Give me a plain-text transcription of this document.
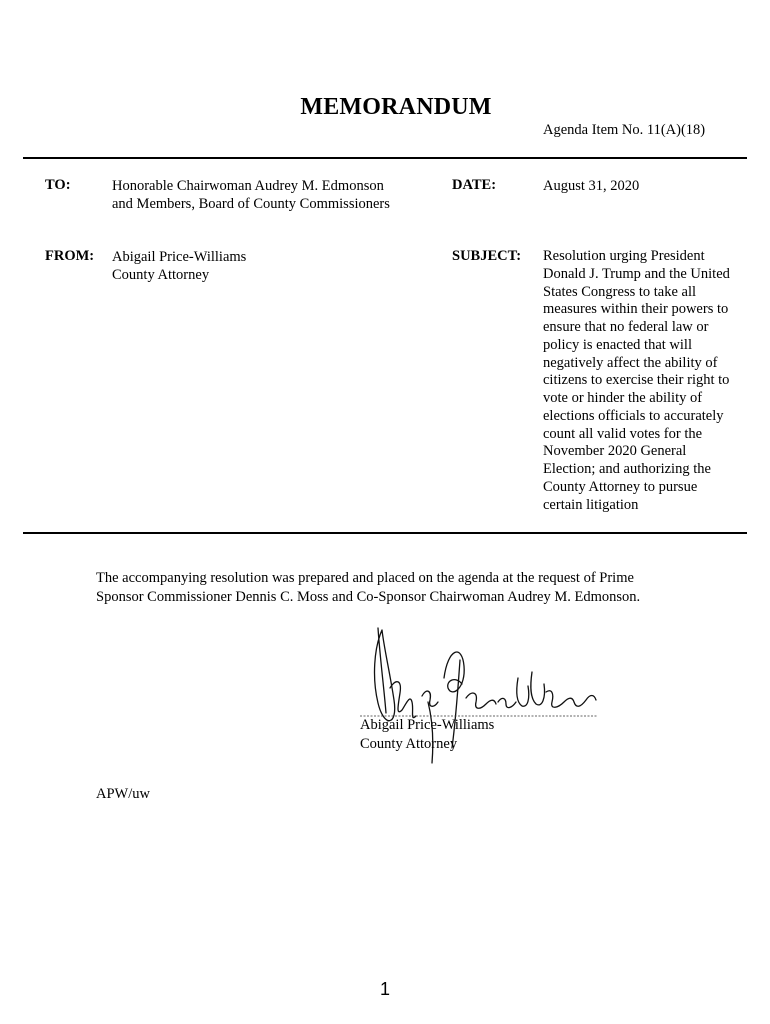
MEMORANDUM
Agenda Item No. 11(A)(18)
TO:	Honorable Chairwoman Audrey M. Edmonson
and Members, Board of County Commissioners
DATE:	August 31, 2020
FROM: Abigail Price-Williams
County Attorney
SUBJECT: Resolution urging President
Donald J. Trump and the United
States Congress to take all
measures within their powers to
ensure that no federal law or
policy is enacted that will
negatively affect the ability of
citizens to exercise their right to
vote or hinder the ability of
elections officials to accurately
count all valid votes for the
November 2020 General
Election; and authorizing the
County Attorney to pursue
certain litigation
The accompanying resolution was prepared and placed on the agenda at the request of Prime
Sponsor Commissioner Dennis C. Moss and Co-Sponsor Chairwoman Audrey M. Edmonson.
Abigail Price-Williams
County Attorney
APW/uw
1
